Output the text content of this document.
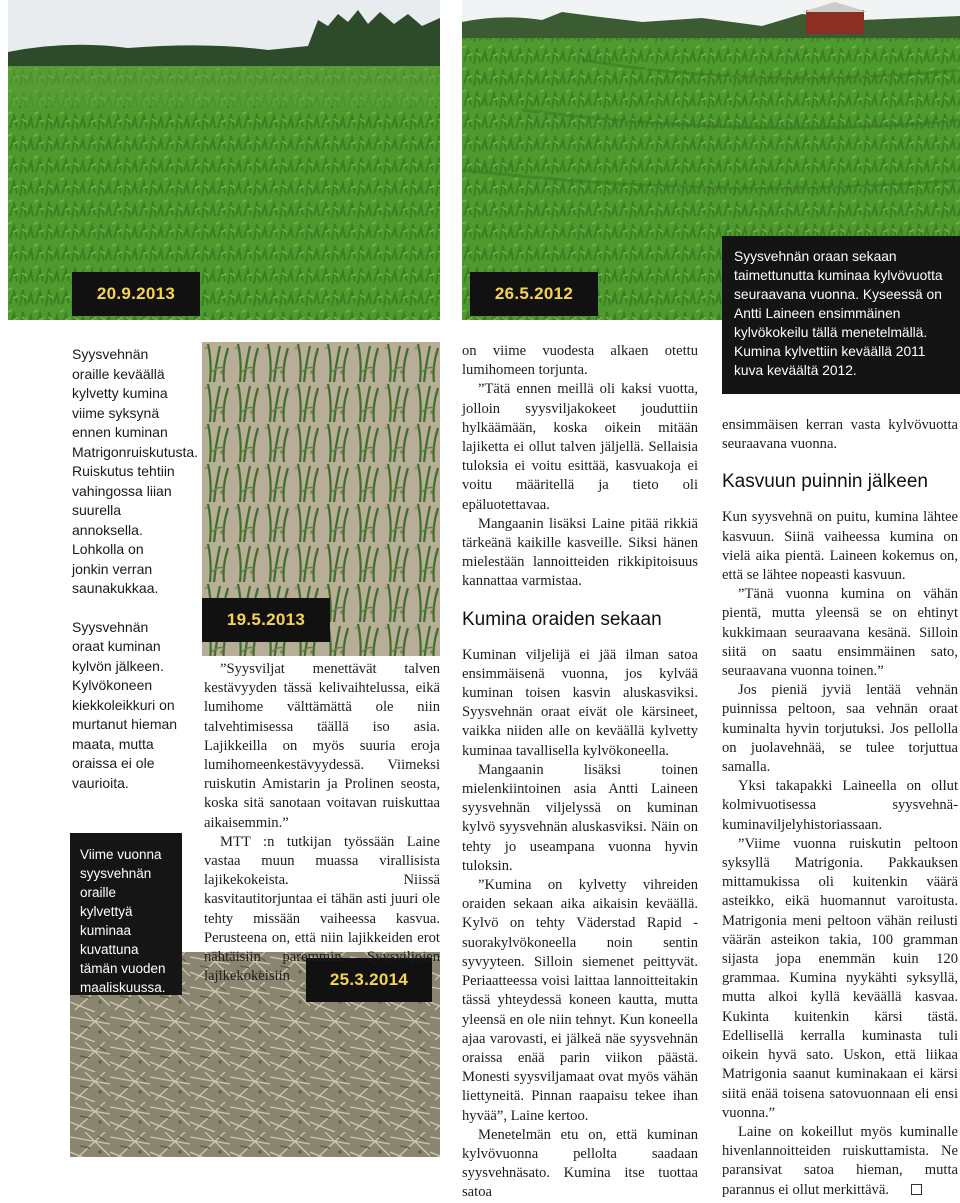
20.9.2013	26.5.2012
19.5.2013
25.3.2014

Syysvehnän oraille keväällä kylvetty kumina viime syksynä ennen kuminan Matrigonruiskutusta. Ruiskutus tehtiin vahingossa liian suurella annoksella. Lohkolla on jonkin verran saunakukkaa.

Syysvehnän oraat kuminan kylvön jälkeen. Kylvökoneen kiekkoleikkuri on murtanut hieman maata, mutta oraissa ei ole vaurioita.

Viime vuonna syysvehnän oraille kylvettyä kuminaa kuvattuna tämän vuoden maaliskuussa.

”Syysviljat menettävät talven kestävyyden tässä kelivaihtelussa, eikä lumihome välttämättä ole niin talvehtimisessa täällä iso asia. Lajikkeilla on myös suuria eroja lumihomeenkestävyydessä. Viimeksi ruiskutin Amistarin ja Prolinen seosta, koska sitä sanotaan voitavan ruiskuttaa aikaisemmin.”

MTT :n tutkijan työssään Laine vastaa muun muassa virallisista lajikekokeista. Niissä kasvitautitorjuntaa ei tähän asti juuri ole tehty missään vaiheessa kasvua. Perusteena on, että niin lajikkeiden erot nähtäisiin paremmin. Syysviljojen lajikekokeisiin

on viime vuodesta alkaen otettu lumihomeen torjunta.

”Tätä ennen meillä oli kaksi vuotta, jolloin syysviljakokeet jouduttiin hylkäämään, koska oikein mitään lajiketta ei ollut talven jäljellä. Sellaisia tuloksia ei voitu esittää, kasvuakoja ei voitu määritellä ja tieto oli epäluotettavaa.

Mangaanin lisäksi Laine pitää rikkiä tärkeänä kaikille kasveille. Siksi hänen mielestään lannoitteiden rikkipitoisuus kannattaa varmistaa.

Kumina oraiden sekaan

Kuminan viljelijä ei jää ilman satoa ensimmäisenä vuonna, jos kylvää kuminan toisen kasvin aluskasviksi. Syysvehnän oraat eivät ole kärsineet, vaikka niiden alle on keväällä kylvetty kuminaa tavallisella kylvökoneella.

Mangaanin lisäksi toinen mielenkiintoinen asia Antti Laineen syysvehnän viljelyssä on kuminan kylvö syysvehnän aluskasviksi. Näin on tehty jo useampana vuonna hyvin tuloksin.

”Kumina on kylvetty vihreiden oraiden sekaan aika aikaisin keväällä. Kylvö on tehty Väderstad Rapid -suorakylvökoneella noin sentin syvyyteen. Silloin siemenet peittyvät. Periaatteessa voisi laittaa lannoitteitakin tässä yhteydessä koneen kautta, mutta yleensä en ole niin tehnyt. Kun koneella ajaa varovasti, ei jälkeä näe syysvehnän oraissa enää parin viikon päästä. Monesti syysviljamaat ovat myös vähän liettyneitä. Pinnan raapaisu tekee ihan hyvää”, Laine kertoo.

Menetelmän etu on, että kuminan kylvövuonna pellolta saadaan syysvehnäsato. Kumina itse tuottaa satoa

Syysvehnän oraan sekaan taimettunutta kuminaa kylvövuotta seuraavana vuonna. Kyseessä on Antti Laineen ensimmäinen kylvökokeilu tällä menetelmällä. Kumina kylvettiin keväällä 2011 kuva keväältä 2012.

ensimmäisen kerran vasta kylvövuotta seuraavana vuonna.

Kasvuun puinnin jälkeen

Kun syysvehnä on puitu, kumina lähtee kasvuun. Siinä vaiheessa kumina on vielä aika pientä. Laineen kokemus on, että se lähtee nopeasti kasvuun.

”Tänä vuonna kumina on vähän pientä, mutta yleensä se on ehtinyt kukkimaan seuraavana kesänä. Silloin siitä on saatu ensimmäinen sato, seuraavana vuonna toinen.”

Jos pieniä jyviä lentää vehnän puinnissa peltoon, saa vehnän oraat kuminalta hyvin torjutuksi. Jos pellolla on juolavehnää, se tulee torjuttua samalla.

Yksi takapakki Laineella on ollut kolmivuotisessa syysvehnä-kuminaviljelyhistoriassaan.

”Viime vuonna ruiskutin peltoon syksyllä Matrigonia. Pakkauksen mittamukissa oli kuitenkin väärä asteikko, eikä huomannut varoitusta. Matrigonia meni peltoon vähän reilusti väärän asteikon takia, 100 gramman sijasta jopa enemmän kuin 120 grammaa. Kumina nyykähti syksyllä, mutta alkoi kyllä keväällä kasvaa. Kukinta kuitenkin kärsi tästä. Edellisellä kerralla kuminasta tuli oikein hyvä sato. Uskon, että liikaa Matrigonia saanut kuminakaan ei kärsi siitä enää toisena satovuonnaan eli ensi vuonna.”

Laine on kokeillut myös kuminalle hivenlannoitteiden ruiskuttamista. Ne paransivat satoa hieman, mutta parannus ei ollut merkittävä.
